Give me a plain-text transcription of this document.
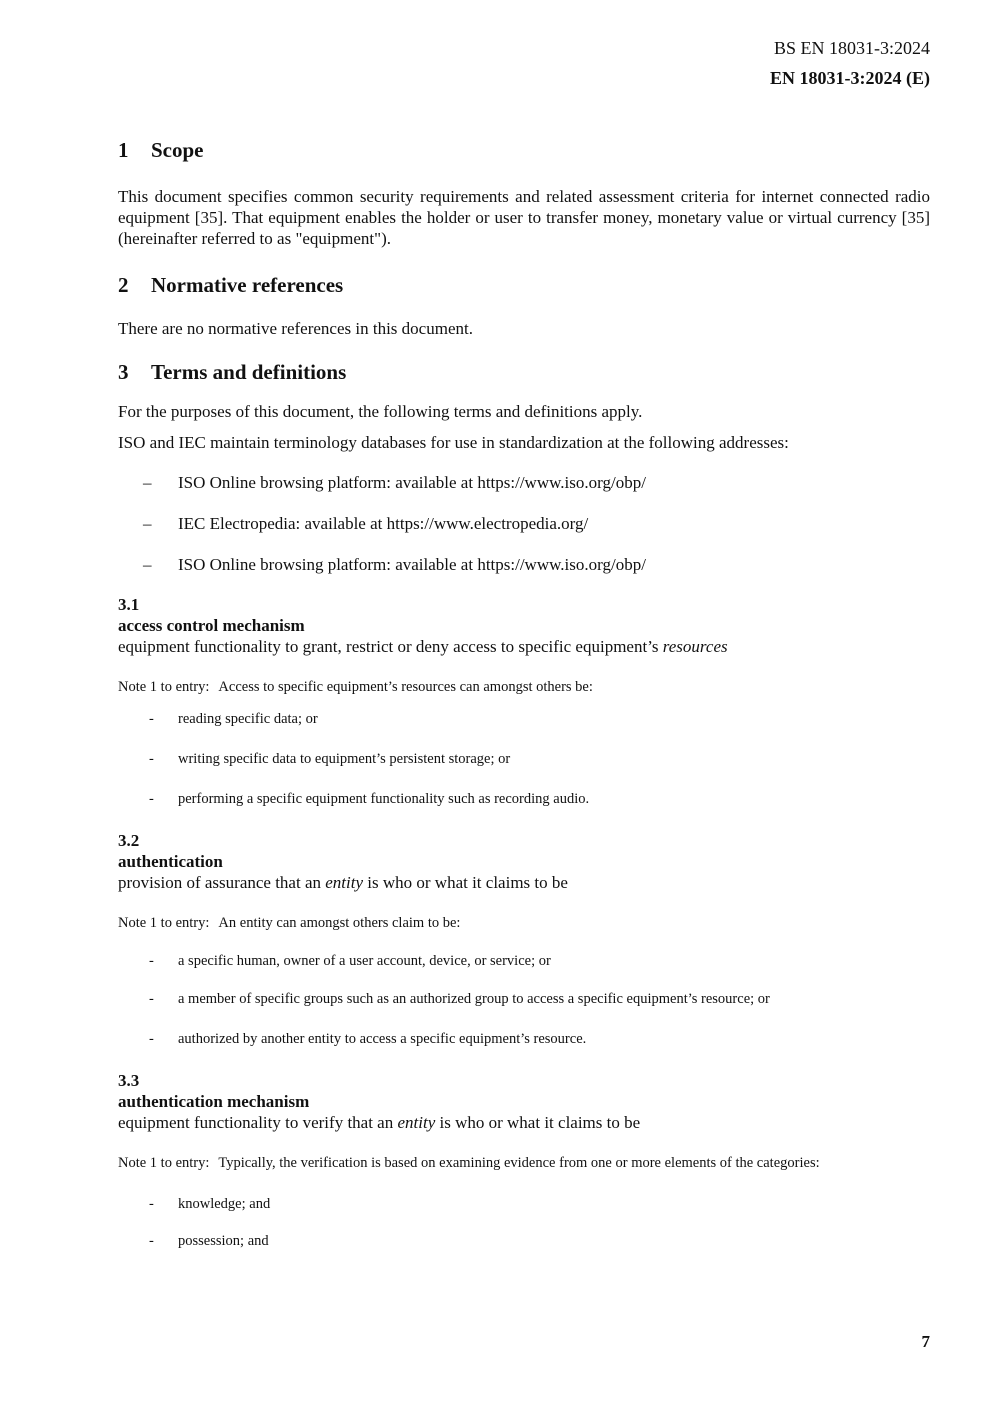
BS EN 18031-3:2024
EN 18031-3:2024 (E)
1	Scope

This document specifies common security requirements and related assessment criteria for internet connected radio equipment [35]. That equipment enables the holder or user to transfer money, monetary value or virtual currency [35] (hereinafter referred to as "equipment").

2	Normative references

There are no normative references in this document.

3	Terms and definitions

For the purposes of this document, the following terms and definitions apply.

ISO and IEC maintain terminology databases for use in standardization at the following addresses:

–	ISO Online browsing platform: available at https://www.iso.org/obp/
–	IEC Electropedia: available at https://www.electropedia.org/
–	ISO Online browsing platform: available at https://www.iso.org/obp/
3.1
access control mechanism
equipment functionality to grant, restrict or deny access to specific equipment’s resources

Note 1 to entry: Access to specific equipment’s resources can amongst others be:

-	reading specific data; or
-	writing specific data to equipment’s persistent storage; or
-	performing a specific equipment functionality such as recording audio.
3.2
authentication
provision of assurance that an entity is who or what it claims to be

Note 1 to entry: An entity can amongst others claim to be:

-	a specific human, owner of a user account, device, or service; or
-	a member of specific groups such as an authorized group to access a specific equipment’s resource; or
-	authorized by another entity to access a specific equipment’s resource.
3.3
authentication mechanism
equipment functionality to verify that an entity is who or what it claims to be

Note 1 to entry: Typically, the verification is based on examining evidence from one or more elements of the categories:

-	knowledge; and
-	possession; and
7
